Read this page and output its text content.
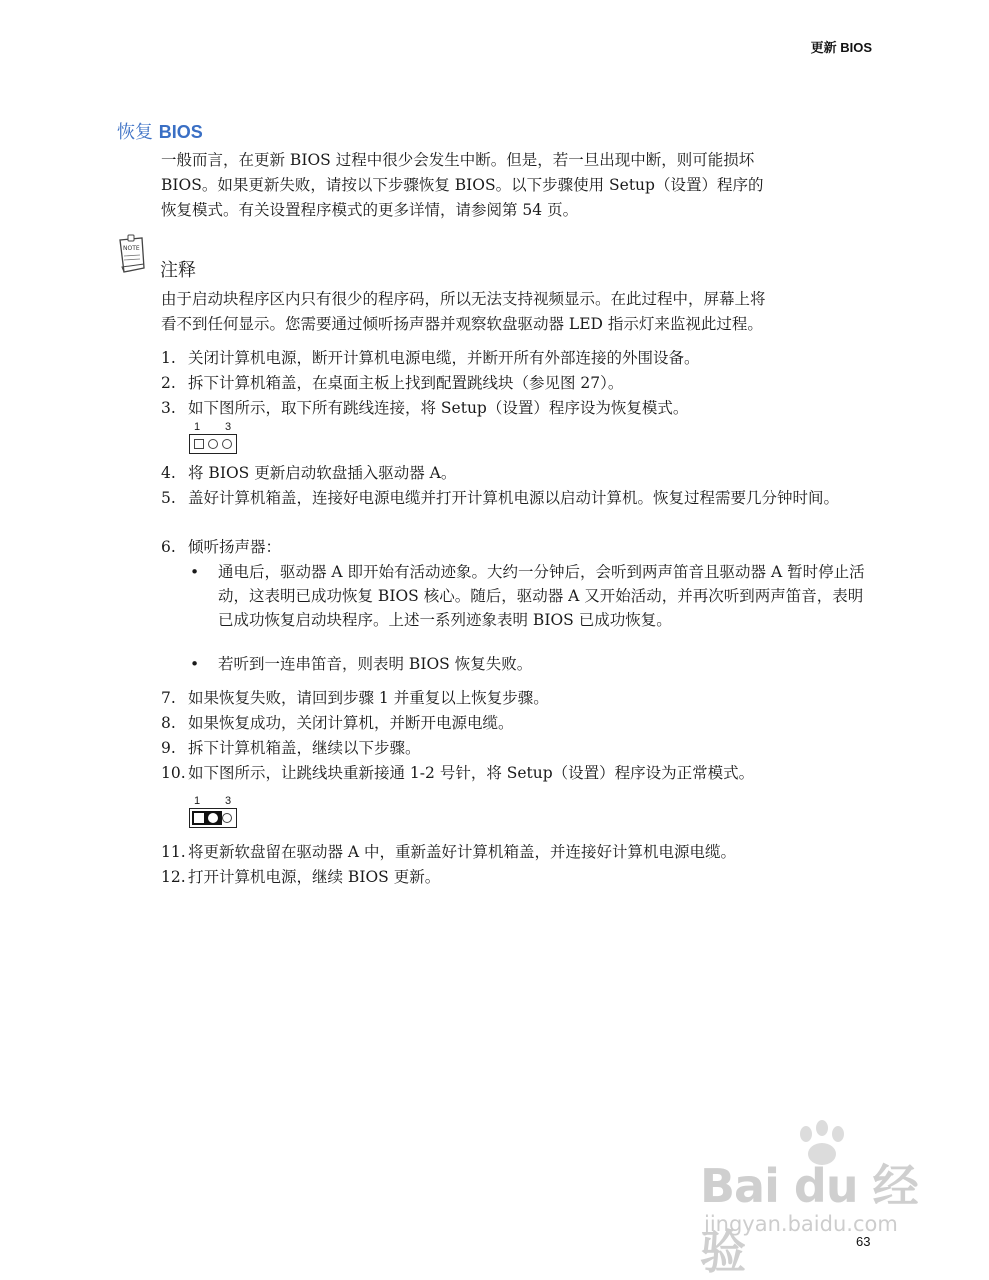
更新 BIOS
恢复 BIOS
一般而言，在更新 BIOS 过程中很少会发生中断。但是，若一旦出现中断，则可能损坏
BIOS。如果更新失败，请按以下步骤恢复 BIOS。以下步骤使用 Setup（设置）程序的
恢复模式。有关设置程序模式的更多详情，请参阅第 54 页。
NOTE
注释
由于启动块程序区内只有很少的程序码，所以无法支持视频显示。在此过程中，屏幕上将
看不到任何显示。您需要通过倾听扬声器并观察软盘驱动器 LED 指示灯来监视此过程。
1. 关闭计算机电源，断开计算机电源电缆，并断开所有外部连接的外围设备。
2. 拆下计算机箱盖，在桌面主板上找到配置跳线块（参见图 27）。
3. 如下图所示，取下所有跳线连接，将 Setup（设置）程序设为恢复模式。
1 3
4. 将 BIOS 更新启动软盘插入驱动器 A。
5. 盖好计算机箱盖，连接好电源电缆并打开计算机电源以启动计算机。恢复过程需要几分钟时间。
6. 倾听扬声器：
•	通电后，驱动器 A 即开始有活动迹象。大约一分钟后，会听到两声笛音且驱动器 A 暂时停止活动，这表明已成功恢复 BIOS 核心。随后，驱动器 A 又开始活动，并再次听到两声笛音，表明已成功恢复启动块程序。上述一系列迹象表明 BIOS 已成功恢复。
•	若听到一连串笛音，则表明 BIOS 恢复失败。
7. 如果恢复失败，请回到步骤 1 并重复以上恢复步骤。
8. 如果恢复成功，关闭计算机，并断开电源电缆。
9. 拆下计算机箱盖，继续以下步骤。
10. 如下图所示，让跳线块重新接通 1-2 号针，将 Setup（设置）程序设为正常模式。
1 3
11. 将更新软盘留在驱动器 A 中，重新盖好计算机箱盖，并连接好计算机电源电缆。
12. 打开计算机电源，继续 BIOS 更新。
Bai du 经验
jingyan.baidu.com
63
